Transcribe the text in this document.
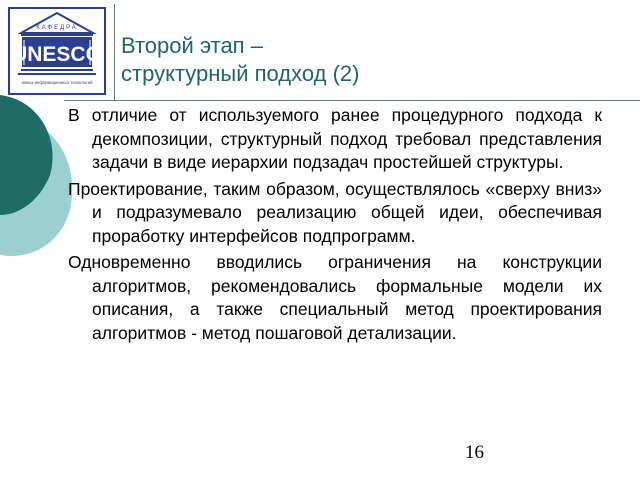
КАФЕДРА
UNESCO
новых информационных технологий
Второй этап –
структурный подход (2)

В отличие от используемого ранее процедурного подхода к декомпозиции, структурный подход требовал представления задачи в виде иерархии подзадач простейшей структуры.

Проектирование, таким образом, осуществлялось «сверху вниз» и подразумевало реализацию общей идеи, обеспечивая проработку интерфейсов подпрограмм.

Одновременно вводились ограничения на конструкции алгоритмов, рекомендовались формальные модели их описания, а также специальный метод проектирования алгоритмов - метод пошаговой детализации.

16
